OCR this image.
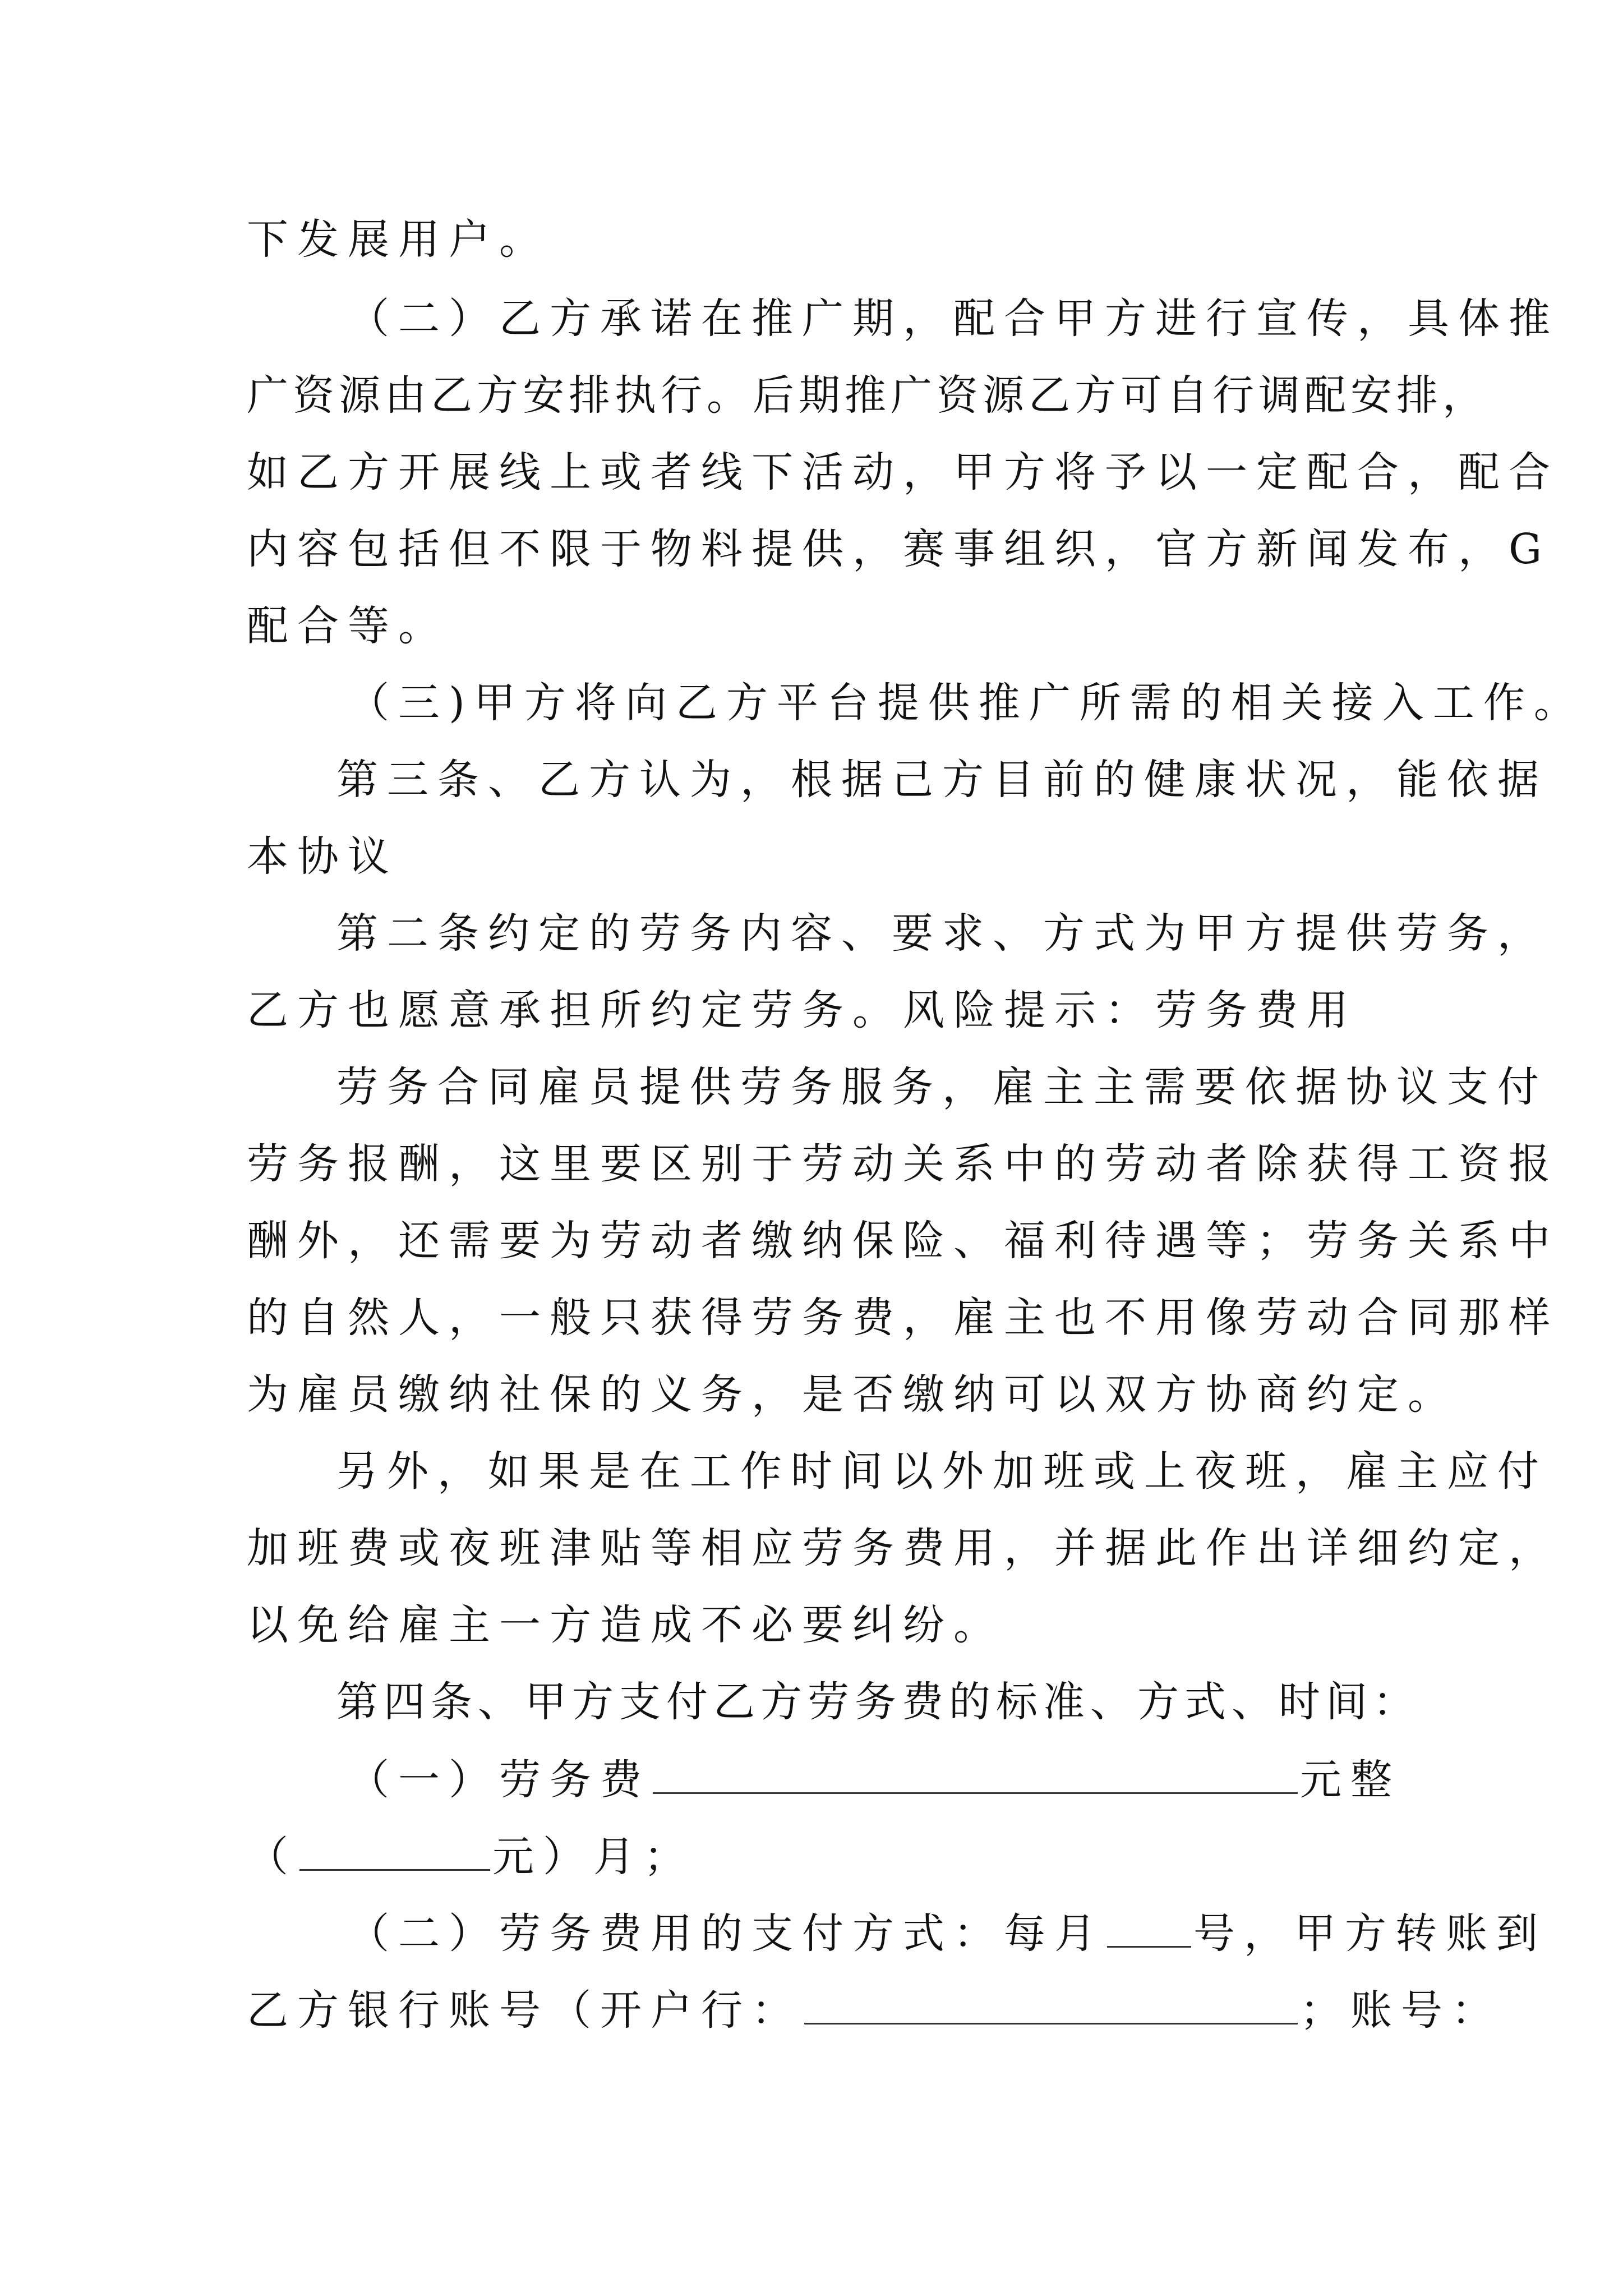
下发展用户。
（二）乙方承诺在推广期，配合甲方进行宣传，具体推
广资源由乙方安排执行。后期推广资源乙方可自行调配安排，
如乙方开展线上或者线下活动，甲方将予以一定配合，配合
内容包括但不限于物料提供，赛事组织，官方新闻发布，G
配合等。
（三)甲方将向乙方平台提供推广所需的相关接入工作。
第三条、乙方认为，根据己方目前的健康状况，能依据
本协议
第二条约定的劳务内容、要求、方式为甲方提供劳务，
乙方也愿意承担所约定劳务。风险提示：劳务费用
劳务合同雇员提供劳务服务，雇主主需要依据协议支付
劳务报酬，这里要区别于劳动关系中的劳动者除获得工资报
酬外，还需要为劳动者缴纳保险、福利待遇等；劳务关系中
的自然人，一般只获得劳务费，雇主也不用像劳动合同那样
为雇员缴纳社保的义务，是否缴纳可以双方协商约定。
另外，如果是在工作时间以外加班或上夜班，雇主应付
加班费或夜班津贴等相应劳务费用，并据此作出详细约定，
以免给雇主一方造成不必要纠纷。
第四条、甲方支付乙方劳务费的标准、方式、时间：
（一）劳务费	元整
（	元）月；
（二）劳务费用的支付方式：每月 号，甲方转账到
乙方银行账号（开户行：	；账号：
